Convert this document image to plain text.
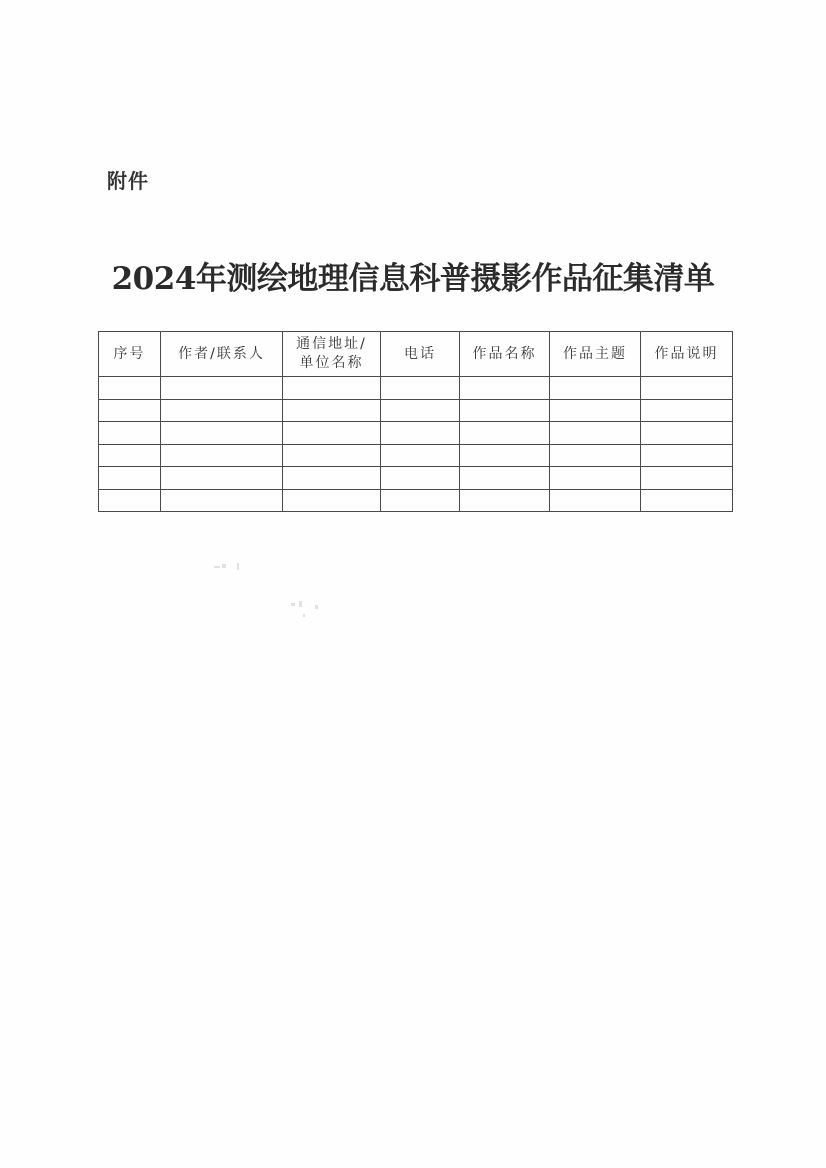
附件
2024年测绘地理信息科普摄影作品征集清单
序号	作者/联系人	通信地址/单位名称	电话	作品名称	作品主题	作品说明
